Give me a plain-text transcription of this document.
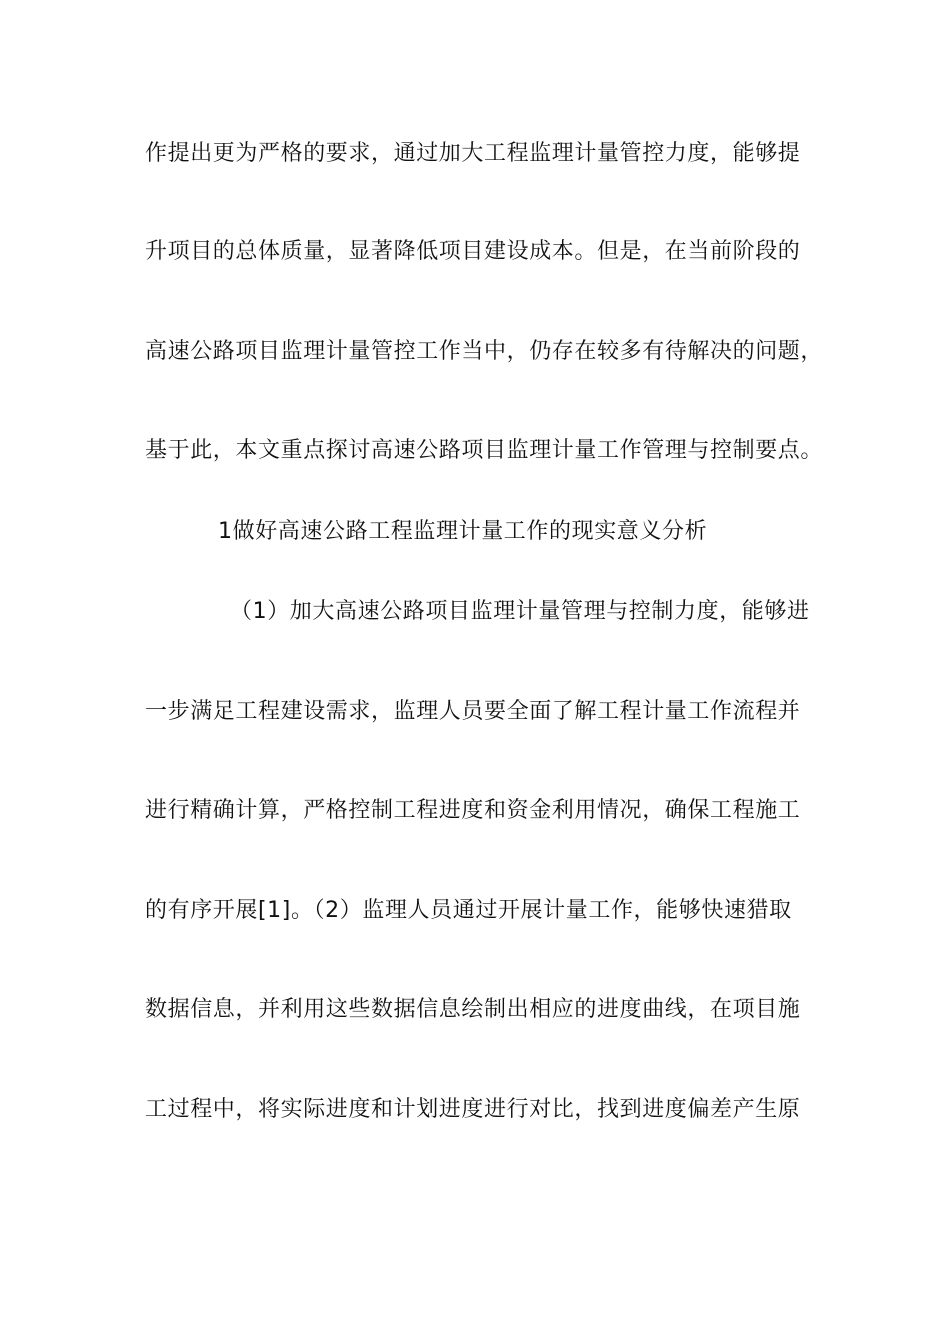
作提出更为严格的要求，通过加大工程监理计量管控力度，能够提
升项目的总体质量，显著降低项目建设成本。但是，在当前阶段的
高速公路项目监理计量管控工作当中，仍存在较多有待解决的问题，
基于此，本文重点探讨高速公路项目监理计量工作管理与控制要点。
1做好高速公路工程监理计量工作的现实意义分析
（1）加大高速公路项目监理计量管理与控制力度，能够进
一步满足工程建设需求，监理人员要全面了解工程计量工作流程并
进行精确计算，严格控制工程进度和资金利用情况，确保工程施工
的有序开展[1]。（2）监理人员通过开展计量工作，能够快速猎取
数据信息，并利用这些数据信息绘制出相应的进度曲线，在项目施
工过程中，将实际进度和计划进度进行对比，找到进度偏差产生原
